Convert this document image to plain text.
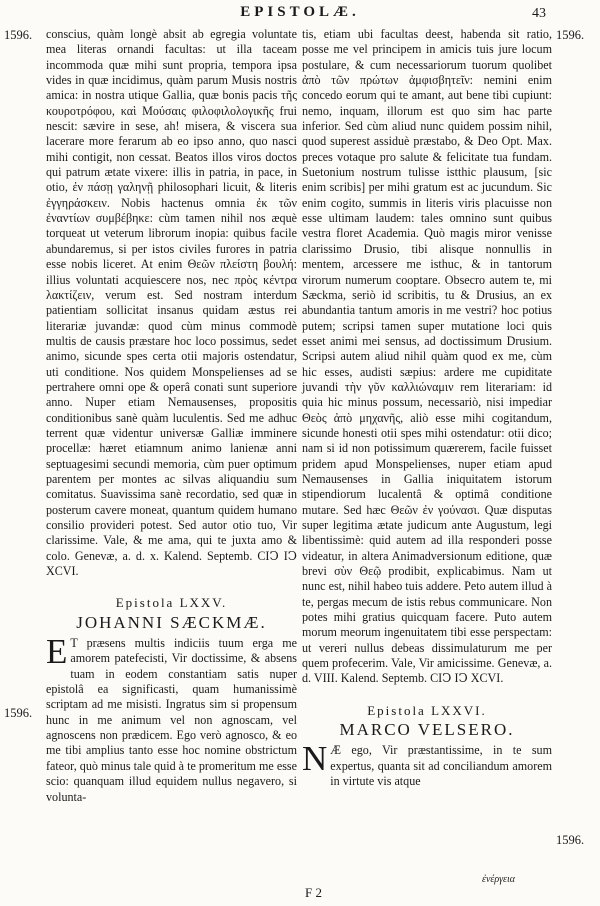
EPISTOLÆ.	43
1596.	1596.
1596.
1596.

conscius, quàm longè absit ab egregia voluntate mea literas ornandi facultas: ut illa taceam incommoda quæ mihi sunt propria, tempora ipsa vides in quæ incidimus, quàm parum Musis nostris amica: in nostra utique Gallia, quæ bonis pacis τῆς κουροτρόφου, καὶ Μούσαις φιλοφιλολογικῆς frui nescit: sævire in sese, ah! misera, & viscera sua lacerare more ferarum ab eo ipso anno, quo nasci mihi contigit, non cessat. Beatos illos viros doctos qui patrum ætate vixere: illis in patria, in pace, in otio, ἐν πάσῃ γαληνῇ philosophari licuit, & literis ἐγγηράσκειν. Nobis hactenus omnia ἐκ τῶν ἐναντίων συμβέβηκε: cùm tamen nihil nos æquè torqueat ut veterum librorum inopia: quibus facile abundaremus, si per istos civiles furores in patria esse nobis liceret. At enim Θεῶν πλείστη βουλή: illius voluntati acquiescere nos, nec πρὸς κέντρα λακτίζειν, verum est. Sed nostram interdum patientiam sollicitat insanus quidam æstus rei literariæ juvandæ: quod cùm minus commodè multis de causis præstare hoc loco possimus, sedet animo, sicunde spes certa otii majoris ostendatur, uti conditione. Nos quidem Monspelienses ad se pertrahere omni ope & operâ conati sunt superiore anno. Nuper etiam Nemausenses, propositis conditionibus sanè quàm luculentis. Sed me adhuc terrent quæ videntur universæ Galliæ imminere procellæ: hæret etiamnum animo lanienæ anni septuagesimi secundi memoria, cùm puer optimum parentem per montes ac silvas aliquandiu sum comitatus. Suavissima sanè recordatio, sed quæ in posterum cavere moneat, quantum quidem humano consilio provideri potest. Sed autor otio tuo, Vir clarissime. Vale, & me ama, qui te juxta amo & colo. Genevæ, a. d. x. Kalend. Septemb. CIↃ IↃ XCVI.

Epistola LXXV.
JOHANNI SÆCKMÆ.

ET præsens multis indiciis tuum erga me amorem patefecisti, Vir doctissime, & absens tuam in eodem constantiam satis nuper epistolâ ea significasti, quam humanissimè scriptam ad me misisti. Ingratus sim si propensum hunc in me animum vel non agnoscam, vel agnoscens non prædicem. Ego verò agnosco, & eo me tibi amplius tanto esse hoc nomine obstrictum fateor, quò minus tale quid à te promeritum me esse scio: quanquam illud equidem nullus negavero, si volunta-

tis, etiam ubi facultas deest, habenda sit ratio, posse me vel principem in amicis tuis jure locum postulare, & cum necessariorum tuorum quolibet ἀπὸ τῶν πρώτων ἀμφισβητεῖν: nemini enim concedo eorum qui te amant, aut bene tibi cupiunt: nemo, inquam, illorum est quo sim hac parte inferior. Sed cùm aliud nunc quidem possim nihil, quod superest assiduè præstabo, & Deo Opt. Max. preces votaque pro salute & felicitate tua fundam. Suetonium nostrum tulisse istthic plausum, [sic enim scribis] per mihi gratum est ac jucundum. Sic enim cogito, summis in literis viris placuisse non esse ultimam laudem: tales omnino sunt quibus vestra floret Academia. Quò magis miror venisse clarissimo Drusio, tibi alisque nonnullis in mentem, arcessere me isthuc, & in tantorum virorum numerum cooptare. Obsecro autem te, mi Sæckma, seriò id scribitis, tu & Drusius, an ex abundantia tantum amoris in me vestri? hoc potius putem; scripsi tamen super mutatione loci quis esset animi mei sensus, ad doctissimum Drusium. Scripsi autem aliud nihil quàm quod ex me, cùm hic esses, audisti sæpius: ardere me cupiditate juvandi τὴν γῦν καλλιώναμιν rem literariam: id quia hic minus possum, necessariò, nisi impediar Θεὸς ἀπὸ μηχανῆς, aliò esse mihi cogitandum, sicunde honesti otii spes mihi ostendatur: otii dico; nam si id non potissimum quærerem, facile fuisset pridem apud Monspelienses, nuper etiam apud Nemausenses in Gallia iniquitatem istorum stipendiorum lucalentâ & optimâ conditione mutare. Sed hæc Θεῶν ἐν γούνασι. Quæ disputas super legitima ætate judicum ante Augustum, legi libentissimè: quid autem ad illa responderi posse videatur, in altera Animadversionum editione, quæ brevi σὺν Θεῷ prodibit, explicabimus. Nam ut nunc est, nihil habeo tuis addere. Peto autem illud à te, pergas mecum de istis rebus communicare. Non potes mihi gratius quicquam facere. Puto autem morum meorum ingenuitatem tibi esse perspectam: ut vereri nullus debeas dissimulaturum me per quem profecerim. Vale, Vir amicissime. Genevæ, a. d. VIII. Kalend. Septemb. CIↃ IↃ XCVI.

Epistola LXXVI.
MARCO VELSERO.

NÆ ego, Vir præstantissime, in te sum expertus, quanta sit ad conciliandum amorem in virtute vis atque

ἐνέργεια
F 2
